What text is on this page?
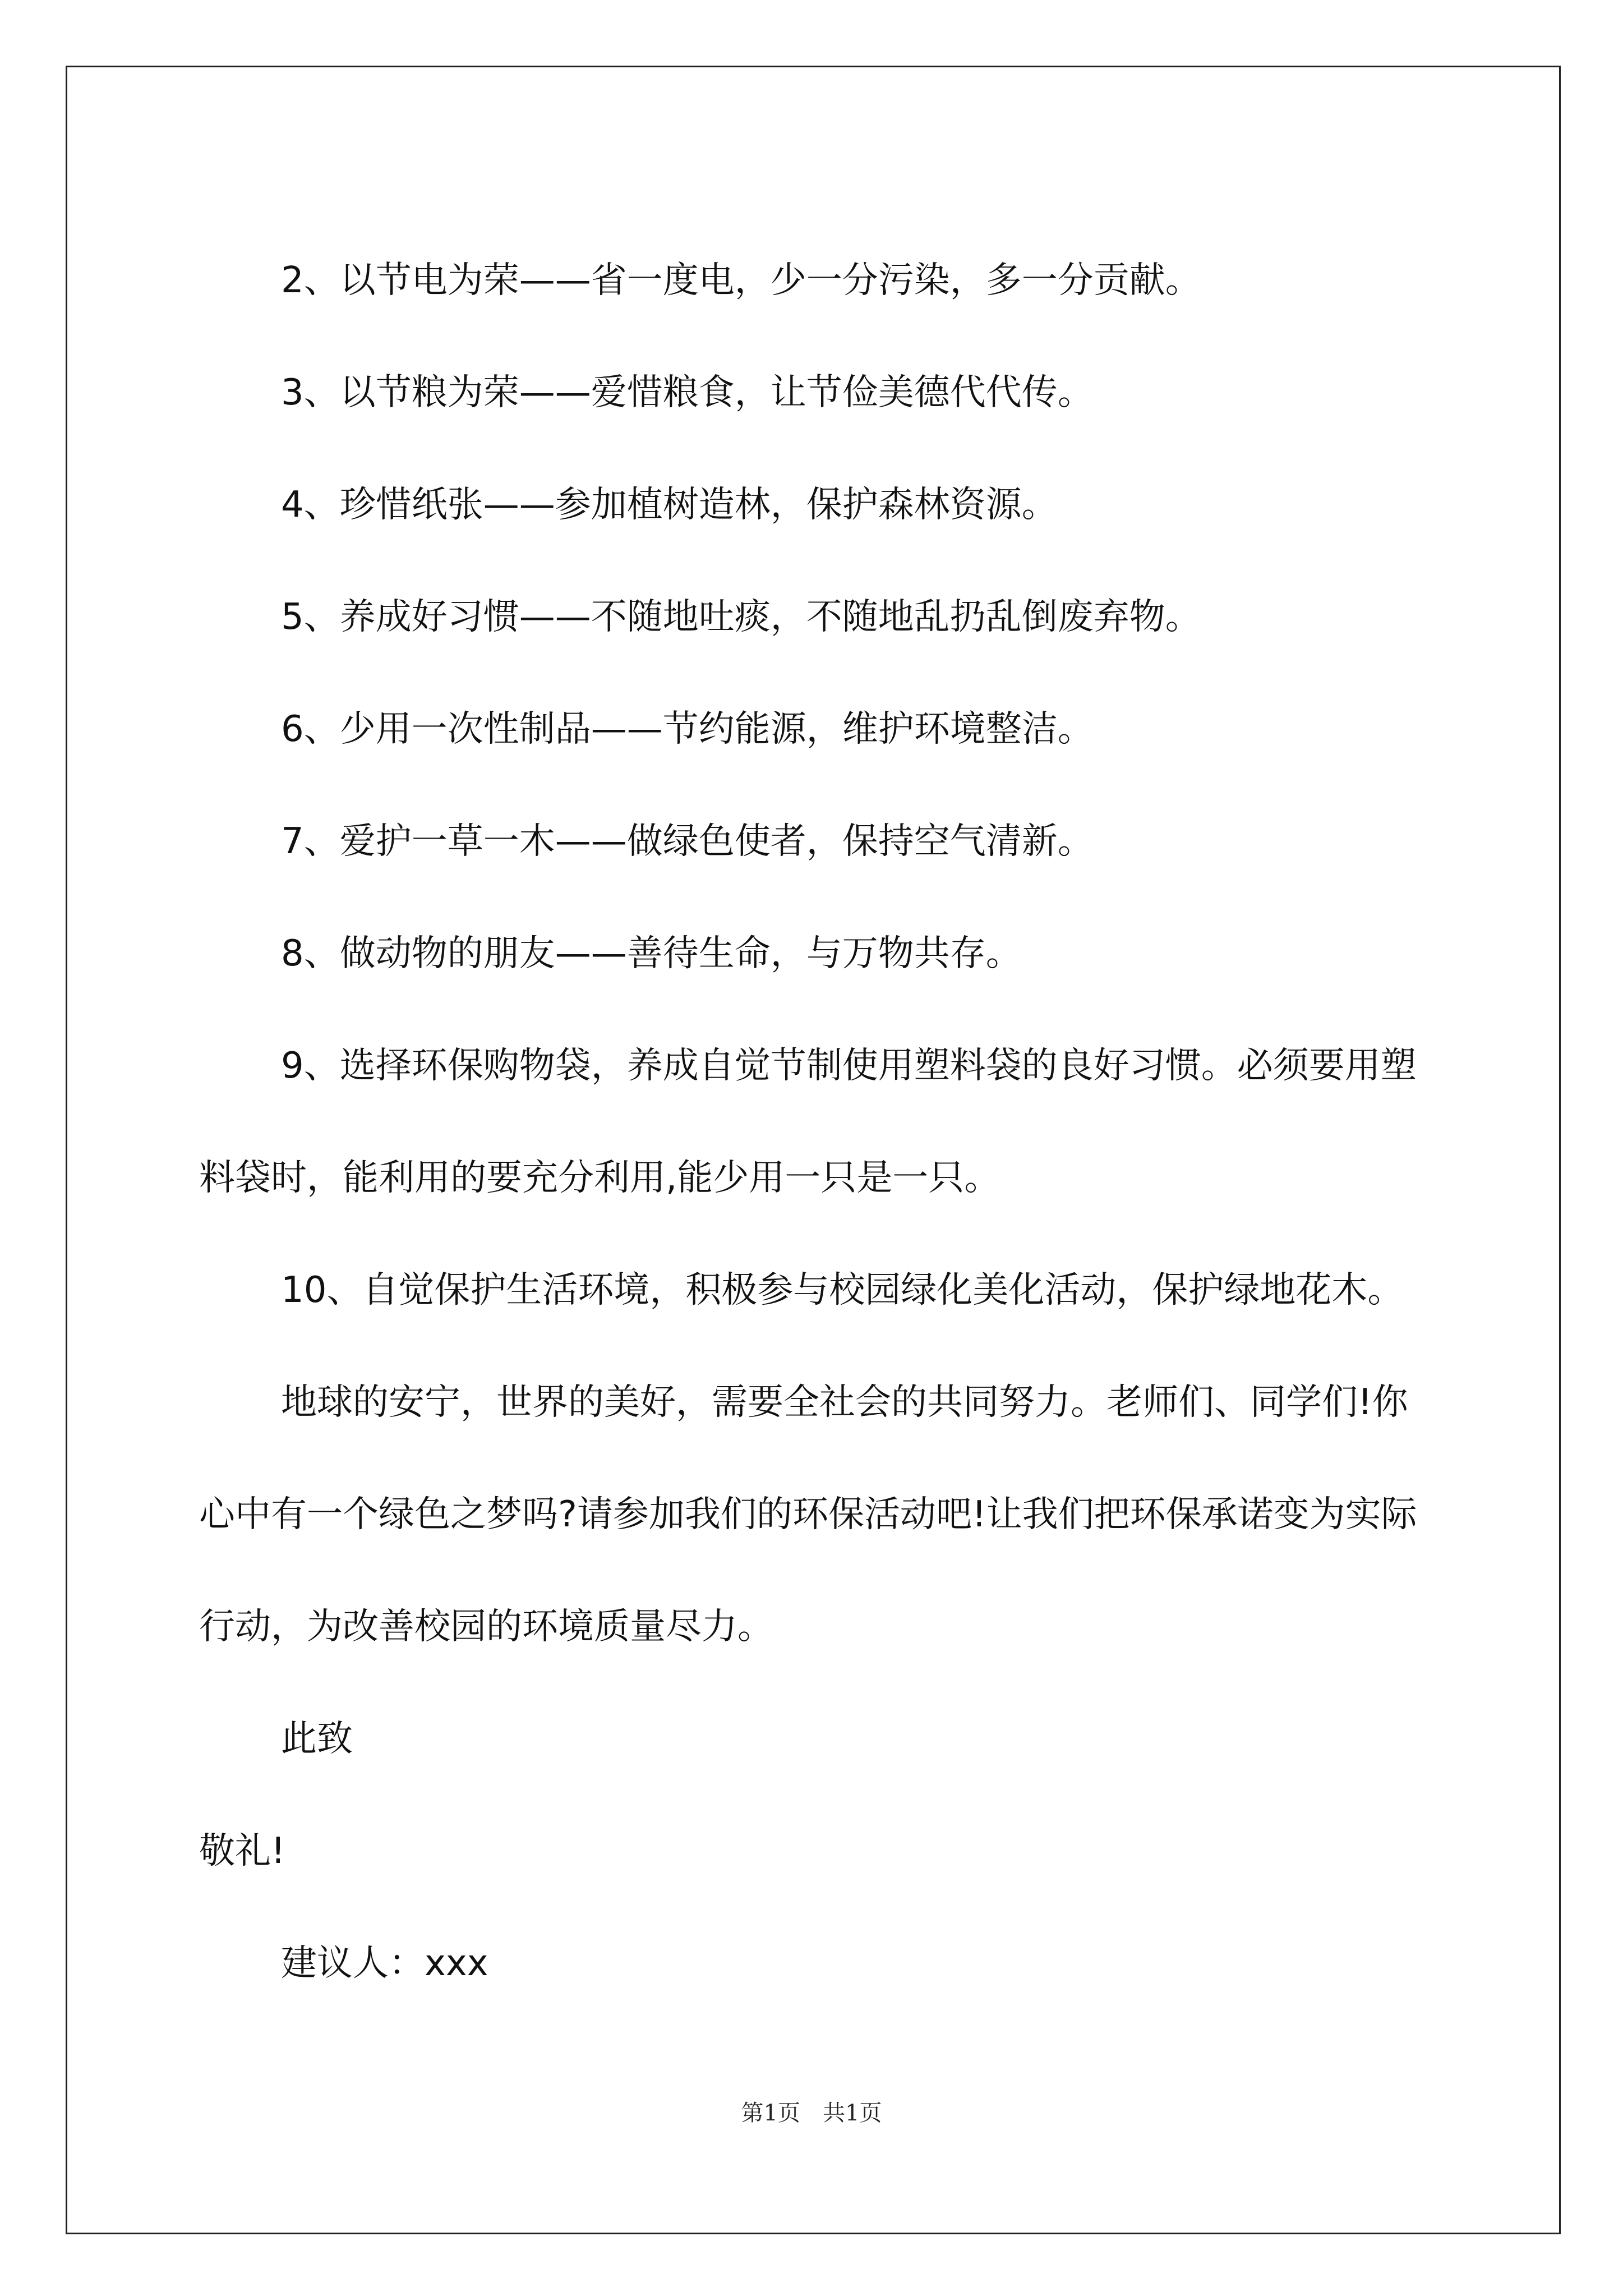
2、以节电为荣——省一度电，少一分污染，多一分贡献。

3、以节粮为荣——爱惜粮食，让节俭美德代代传。

4、珍惜纸张——参加植树造林，保护森林资源。

5、养成好习惯——不随地吐痰，不随地乱扔乱倒废弃物。

6、少用一次性制品——节约能源，维护环境整洁。

7、爱护一草一木——做绿色使者，保持空气清新。

8、做动物的朋友——善待生命，与万物共存。

9、选择环保购物袋，养成自觉节制使用塑料袋的良好习惯。必须要用塑料袋时，能利用的要充分利用,能少用一只是一只。

10、自觉保护生活环境，积极参与校园绿化美化活动，保护绿地花木。

地球的安宁，世界的美好，需要全社会的共同努力。老师们、同学们!你心中有一个绿色之梦吗?请参加我们的环保活动吧!让我们把环保承诺变为实际行动，为改善校园的环境质量尽力。

此致

敬礼!

建议人：xxx

第1页　共1页
